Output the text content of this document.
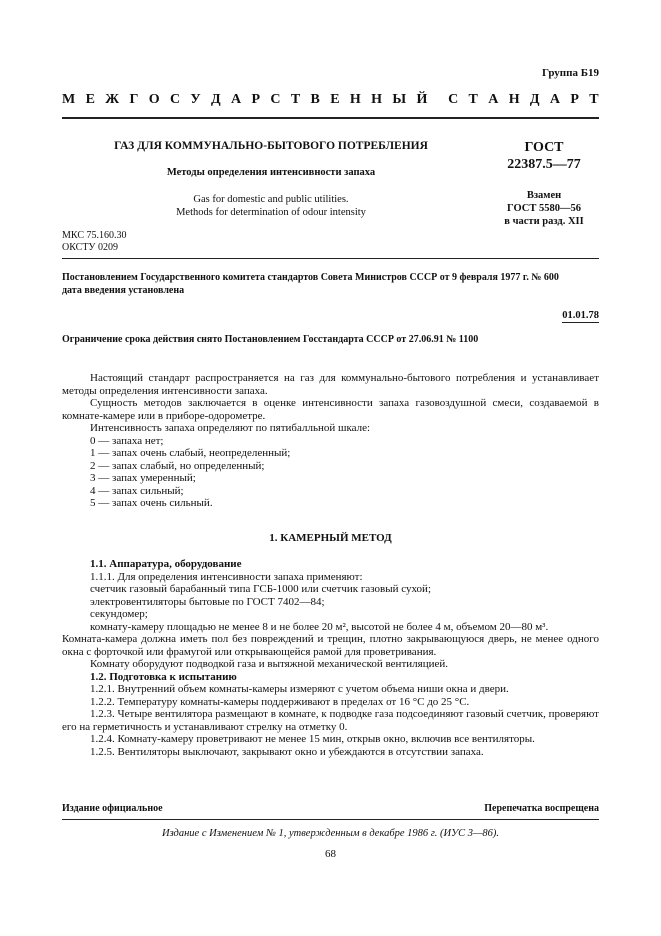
Группа Б19
М Е Ж Г О С У Д А Р С Т В Е Н Н Ы Й С Т А Н Д А Р Т
ГАЗ ДЛЯ КОММУНАЛЬНО-БЫТОВОГО ПОТРЕБЛЕНИЯ
Методы определения интенсивности запаха
Gas for domestic and public utilities.
Methods for determination of odour intensity
ГОСТ
22387.5—77
Взамен
ГОСТ 5580—56
в части разд. XII
МКС 75.160.30
ОКСТУ 0209
Постановлением Государственного комитета стандартов Совета Министров СССР от 9 февраля 1977 г. № 600
дата введения установлена
01.01.78
Ограничение срока действия снято Постановлением Госстандарта СССР от 27.06.91 № 1100

Настоящий стандарт распространяется на газ для коммунально-бытового потребления и устанавливает методы определения интенсивности запаха.

Сущность методов заключается в оценке интенсивности запаха газовоздушной смеси, создаваемой в комнате-камере или в приборе-одорометре.

Интенсивность запаха определяют по пятибалльной шкале:

0 — запаха нет;

1 — запах очень слабый, неопределенный;

2 — запах слабый, но определенный;

3 — запах умеренный;

4 — запах сильный;

5 — запах очень сильный.

1. КАМЕРНЫЙ МЕТОД

1.1. Аппаратура, оборудование

1.1.1. Для определения интенсивности запаха применяют:

счетчик газовый барабанный типа ГСБ-1000 или счетчик газовый сухой;

электровентиляторы бытовые по ГОСТ 7402—84;

секундомер;

комнату-камеру площадью не менее 8 и не более 20 м², высотой не более 4 м, объемом 20—80 м³.

Комната-камера должна иметь пол без повреждений и трещин, плотно закрывающуюся дверь, не менее одного окна с форточкой или фрамугой или открывающейся рамой для проветривания.

Комнату оборудуют подводкой газа и вытяжной механической вентиляцией.

1.2. Подготовка к испытанию

1.2.1. Внутренний объем комнаты-камеры измеряют с учетом объема ниши окна и двери.

1.2.2. Температуру комнаты-камеры поддерживают в пределах от 16 °С до 25 °С.

1.2.3. Четыре вентилятора размещают в комнате, к подводке газа подсоединяют газовый счетчик, проверяют его на герметичность и устанавливают стрелку на отметку 0.

1.2.4. Комнату-камеру проветривают не менее 15 мин, открыв окно, включив все вентиляторы.

1.2.5. Вентиляторы выключают, закрывают окно и убеждаются в отсутствии запаха.

Издание официальное	Перепечатка воспрещена
Издание с Изменением № 1, утвержденным в декабре 1986 г. (ИУС 3—86).
68
